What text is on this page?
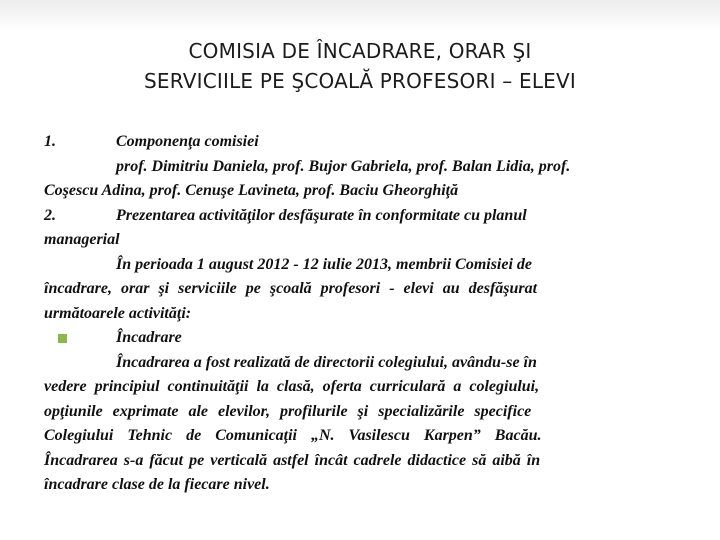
COMISIA DE ÎNCADRARE, ORAR ŞI
SERVICIILE PE ŞCOALĂ PROFESORI – ELEVI
1.	Componenţa comisiei
prof. Dimitriu Daniela, prof. Bujor Gabriela, prof. Balan Lidia, prof.
Coşescu Adina, prof. Cenuşe Lavineta, prof. Baciu Gheorghiţă
2.	Prezentarea activităţilor desfăşurate în conformitate cu planul
managerial
În perioada 1 august 2012 - 12 iulie 2013, membrii Comisiei de
încadrare, orar şi serviciile pe şcoală profesori - elevi au desfăşurat
următoarele activităţi:
Încadrare
Încadrarea a fost realizată de directorii colegiului, avându-se în
vedere principiul continuităţii la clasă, oferta curriculară a colegiului,
opţiunile exprimate ale elevilor, profilurile şi specializările specifice
Colegiului Tehnic de Comunicaţii „N. Vasilescu Karpen” Bacău.
Încadrarea s-a făcut pe verticală astfel încât cadrele didactice să aibă în
încadrare clase de la fiecare nivel.
